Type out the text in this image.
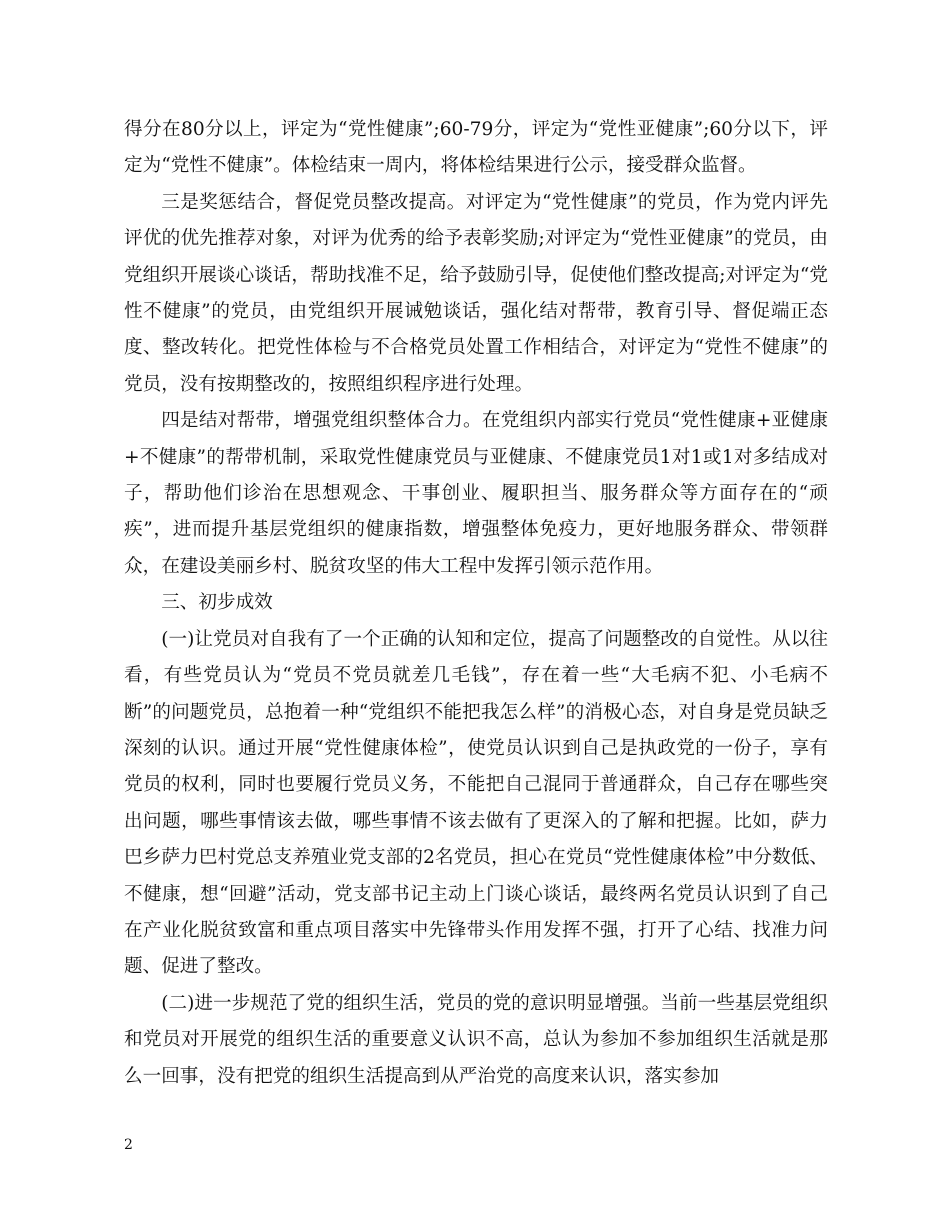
得分在80分以上，评定为“党性健康”;60-79分，评定为“党性亚健康”;60分以下，评定为“党性不健康”。体检结束一周内，将体检结果进行公示，接受群众监督。

三是奖惩结合，督促党员整改提高。对评定为“党性健康”的党员，作为党内评先评优的优先推荐对象，对评为优秀的给予表彰奖励;对评定为“党性亚健康”的党员，由党组织开展谈心谈话，帮助找准不足，给予鼓励引导，促使他们整改提高;对评定为“党性不健康”的党员，由党组织开展诫勉谈话，强化结对帮带，教育引导、督促端正态度、整改转化。把党性体检与不合格党员处置工作相结合，对评定为“党性不健康”的党员，没有按期整改的，按照组织程序进行处理。

四是结对帮带，增强党组织整体合力。在党组织内部实行党员“党性健康+亚健康+不健康”的帮带机制，采取党性健康党员与亚健康、不健康党员1对1或1对多结成对子，帮助他们诊治在思想观念、干事创业、履职担当、服务群众等方面存在的“顽疾”，进而提升基层党组织的健康指数，增强整体免疫力，更好地服务群众、带领群众，在建设美丽乡村、脱贫攻坚的伟大工程中发挥引领示范作用。

三、初步成效

(一)让党员对自我有了一个正确的认知和定位，提高了问题整改的自觉性。从以往看，有些党员认为“党员不党员就差几毛钱”，存在着一些“大毛病不犯、小毛病不断”的问题党员，总抱着一种“党组织不能把我怎么样”的消极心态，对自身是党员缺乏深刻的认识。通过开展“党性健康体检”，使党员认识到自己是执政党的一份子，享有党员的权利，同时也要履行党员义务，不能把自己混同于普通群众，自己存在哪些突出问题，哪些事情该去做，哪些事情不该去做有了更深入的了解和把握。比如，萨力巴乡萨力巴村党总支养殖业党支部的2名党员，担心在党员“党性健康体检”中分数低、不健康，想“回避”活动，党支部书记主动上门谈心谈话，最终两名党员认识到了自己在产业化脱贫致富和重点项目落实中先锋带头作用发挥不强，打开了心结、找准力问题、促进了整改。

(二)进一步规范了党的组织生活，党员的党的意识明显增强。当前一些基层党组织和党员对开展党的组织生活的重要意义认识不高，总认为参加不参加组织生活就是那么一回事，没有把党的组织生活提高到从严治党的高度来认识，落实参加

2
